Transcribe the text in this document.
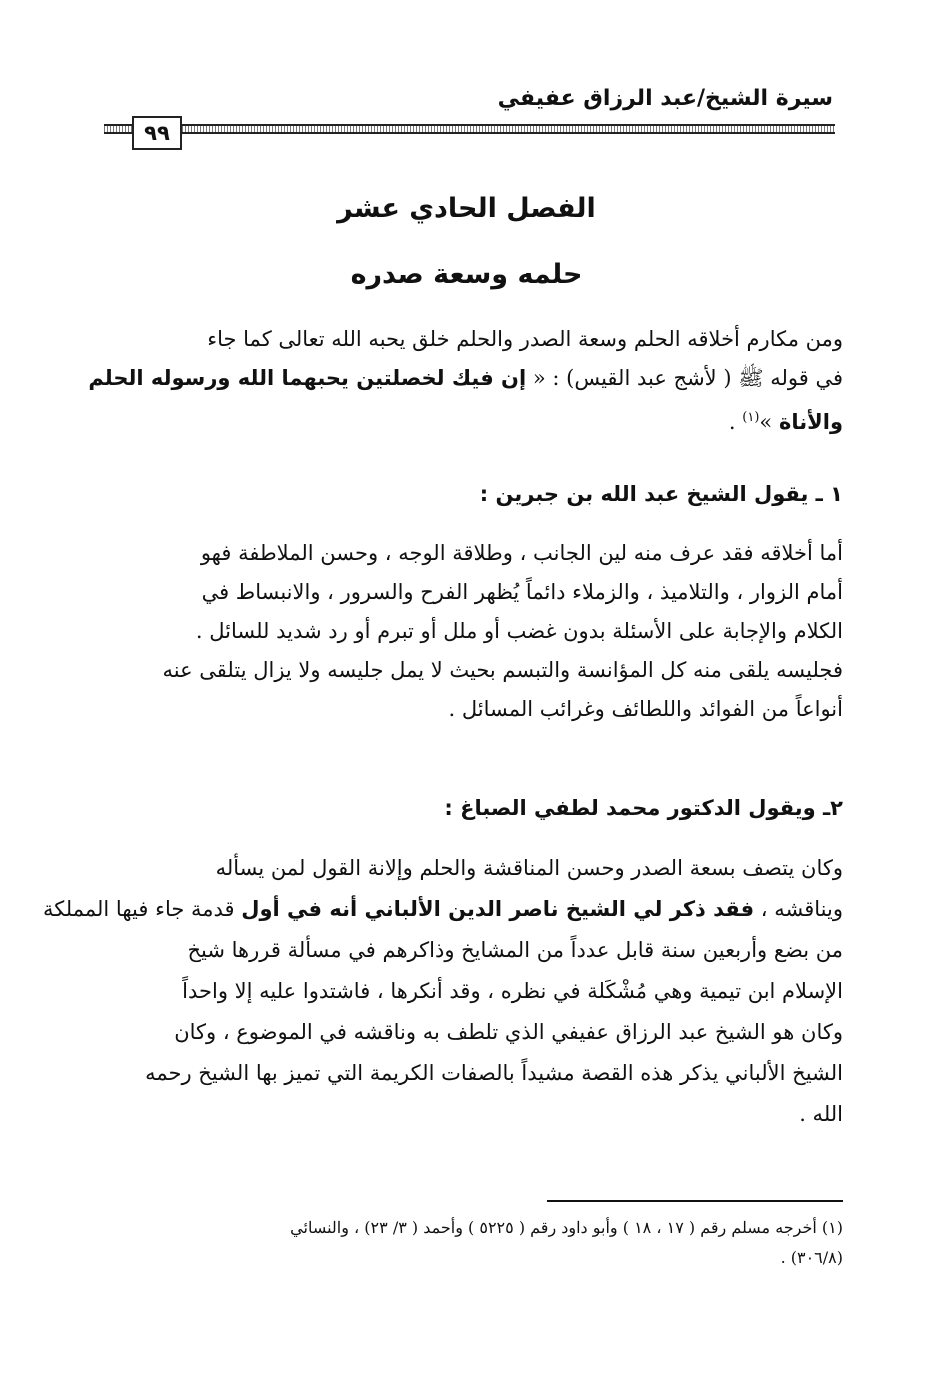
سيرة الشيخ/عبد الرزاق عفيفي
٩٩
الفصل الحادي عشر
حلمه وسعة صدره
ومن مكارم أخلاقه الحلم وسعة الصدر والحلم خلق يحبه الله تعالى كما جاء
في قوله ﷺ ( لأشج عبد القيس) : « إن فيك لخصلتين يحبهما الله ورسوله الحلم
والأناة »$^{(١)}$ .
١ ـ يقول الشيخ عبد الله بن جبرين :
أما أخلاقه فقد عرف منه لين الجانب ، وطلاقة الوجه ، وحسن الملاطفة فهو
أمام الزوار ، والتلاميذ ، والزملاء دائماً يُظهر الفرح والسرور ، والانبساط في
الكلام والإجابة على الأسئلة بدون غضب أو ملل أو تبرم أو رد شديد للسائل .
فجليسه يلقى منه كل المؤانسة والتبسم بحيث لا يمل جليسه ولا يزال يتلقى عنه
أنواعاً من الفوائد واللطائف وغرائب المسائل .
٢ـ ويقول الدكتور محمد لطفي الصباغ :
وكان يتصف بسعة الصدر وحسن المناقشة والحلم وإلانة القول لمن يسأله
ويناقشه ، فقد ذكر لي الشيخ ناصر الدين الألباني أنه في أول قدمة جاء فيها المملكة
من بضع وأربعين سنة قابل عدداً من المشايخ وذاكرهم في مسألة قررها شيخ
الإسلام ابن تيمية وهي مُشْكَلة في نظره ، وقد أنكرها ، فاشتدوا عليه إلا واحداً
وكان هو الشيخ عبد الرزاق عفيفي الذي تلطف به وناقشه في الموضوع ، وكان
الشيخ الألباني يذكر هذه القصة مشيداً بالصفات الكريمة التي تميز بها الشيخ رحمه
الله .
(١) أخرجه مسلم رقم ( ١٧ ، ١٨ ) وأبو داود رقم ( ٥٢٢٥ ) وأحمد ( ٣/ ٢٣) ، والنسائي
(٣٠٦/٨) .
